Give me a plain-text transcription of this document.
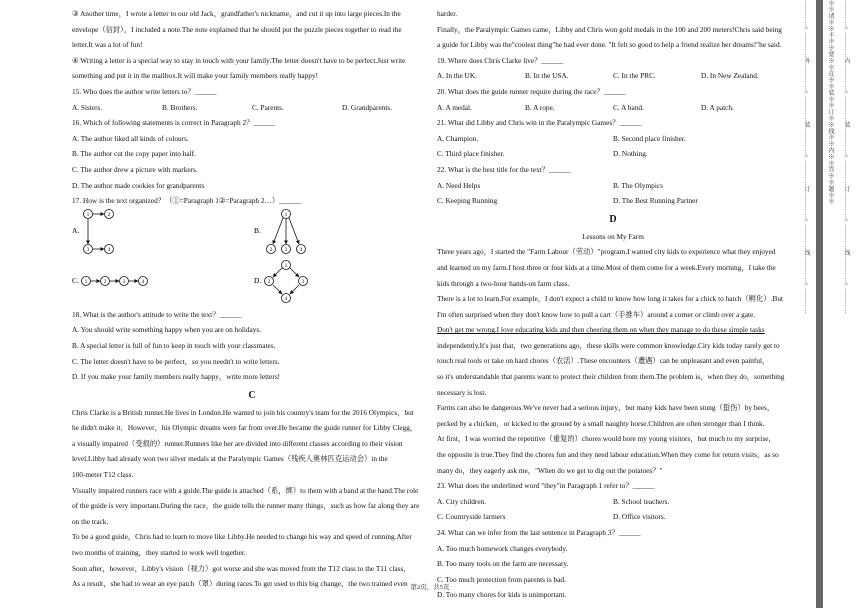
③ Another time，I wrote a letter to our old Jack，grandfather's nickname，and cut it up into large pieces.In the

envelope（信封），I included a note.The note explained that he should put the puzzle pieces together to read the

letter.It was a lot of fun!

④ Writing a letter is a special way to stay in touch with your family.The letter doesn't have to be perfect.Just write

something and put it in the mailbox.It will make your family members really happy!

15. Who does the author write letters to？______

A. Sisters.	B. Brothers.	C. Parents.	D. Grandparents.

16. Which of following statements is correct in Paragraph 2？______

A. The author liked all kinds of colours.

B. The author cut the copy paper into half.

C. The author drew a picture with markers.

D. The author made cookies for grandparents

17. How is the text organized？（①=Paragraph 1②=Paragraph 2…）______

A.	B.
C.	D.
1	2
3	4
1
2 3 4
1	2	3	4
1
2	3
4

18. What is the author's attitude to write the text？______

A. You should write something happy when you are on holidays.

B. A special letter is full of fun to keep in touch with your classmates.

C. The letter doesn't have to be perfect，so you needn't to write letters.

D. If you make your family members really happy，write more letters!

C

Chris Clarke is a British runner.He lives in London.He wanted to join his country's team for the 2016 Olympics，but

he didn't make it．However，his Olympic dreams were far from over.He became the guide runner for Libby Clegg，

a visually impaired（受损的）runner.Runners like her are divided into different classes according to their vision

level.Libby had already won two silver medals at the Paralympic Games（残疾人奥林匹克运动会）in the

100-meter T12 class.

Visually impaired runners race with a guide.The guide is attached（系，绑）to them with a band at the hand.The role

of the guide is very important.During the race，the guide tells the runner many things，such as how far along they are

on the track.

To be a good guide，Chris had to learn to move like Libby.He needed to change his way and speed of running.After

two months of training，they started to work well together.

Soon after，however，Libby's vision（视力）got worse and she was moved from the T12 class to the T11 class，

As a result，she had to wear an eye patch（罩）during races.To get used to this big change，the two trained even

harder.

Finally，the Paralympic Games came，Libby and Chris won gold medals in the 100 and 200 meters!Chris said being

a guide for Libby was the"coolest thing"he had ever done. "It felt so good to help a friend realize her dreams!"he said.

19. Where does Chris Clarke live？______

A. In the UK.	B. In the USA.	C. In the PRC.	D. In New Zealand.

20. What does the guide runner require during the race？______

A. A medal.	B. A rope.	C. A band.	D. A patch.

21. What did Libby and Chris win in the Paralympic Games？______

A. Champion.	B. Second place finisher.
C. Third place finisher.	D. Nothing.

22. What is the best title for the text？______

A. Need Helps	B. The Olympics
C. Keeping Running	D. The Best Running Partner

D

Lessons on My Farm

Three years ago，I started the "Farm Labour（劳动）"program.I wanted city kids to experience what they enjoyed

and learned on my farm.I host three or four kids at a time.Most of them come for a week.Every morning，I take the

kids through a two-hour hands-on farm class.

There is a lot to learn.For example，I don't expect a child to know how long it takes for a chick to hatch（孵化）.But

I'm often surprised when they don't know how to pull a cart（手推车）around a corner or climb over a gate.

Don't get me wrong.I love educating kids and then cheering them on when they manage to do these simple tasks

independently.It's just that，two generations ago，these skills were common knowledge.City kids today rarely get to

touch real tools or take on hard chores（农活）.These encounters（遭遇）can be unpleasant and even painful，

so it's understandable that parents want to protect their children from them.The problem is，when they do，something

necessary is lost.

Farms can also be dangerous.We've never had a serious injury，but many kids have been stung（蜇伤）by bees，

pecked by a chicken，or kicked to the ground by a small naughty horse.Children are often stronger than I think.

At first，I was worried the repetitive（重复的）chores would bore my young visitors，but much to my surprise，

the opposite is true.They find the chores fun and they need labour education.When they come for return visits，as so

many do，they eagerly ask me，"When do we get to dig out the potatoes？"

23. What does the underlined word "they"in Paragraph 1 refer to？______

A. City children.	B. School teachers.
C. Countryside farmers	D. Office visitors.

24. What can we infer from the last sentence in Paragraph 3？______

A. Too much homework changes everybody.

B. Too many tools on the farm are necessary.

C. Too much protection from parents is bad.

D. Too many chores for kids is unimportant.

第2页，共5页
…………○…………外…………○…………装…………○…………订…………○…………线…………○…………	※※请※※不※※要※※在※※装※※订※※线※※内※※答※※题※※	…………○…………内…………○…………装…………○…………订…………○…………线…………○…………
